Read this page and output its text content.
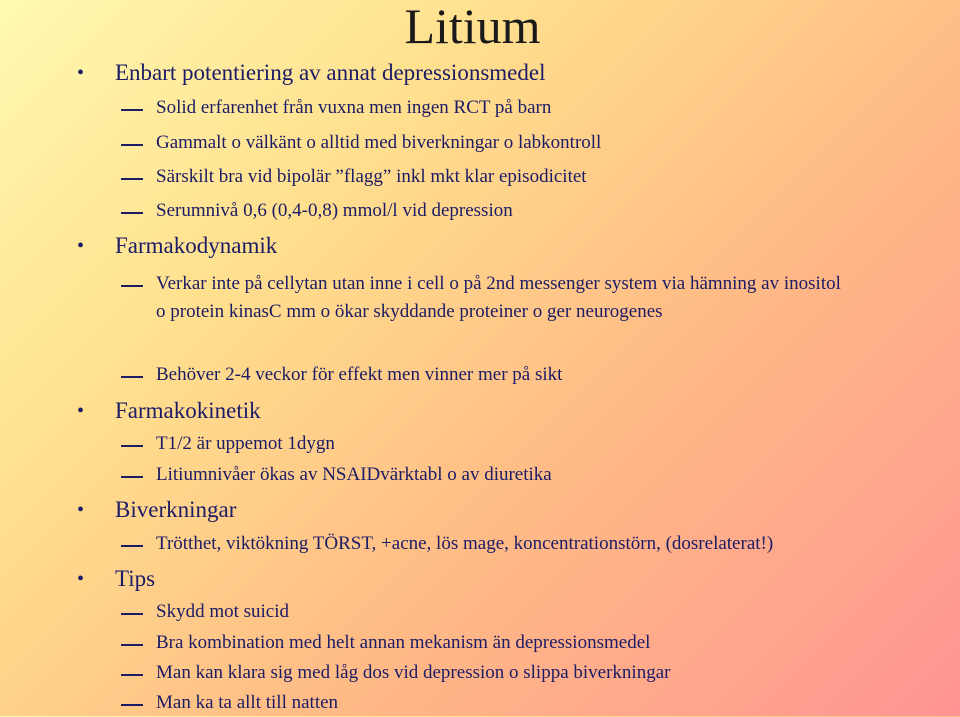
Litium
• Enbart potentiering av annat depressionsmedel
Solid erfarenhet från vuxna men ingen RCT på barn
Gammalt o välkänt o alltid med biverkningar o labkontroll
Särskilt bra vid bipolär ”flagg” inkl mkt klar episodicitet
Serumnivå 0,6 (0,4-0,8) mmol/l vid depression
• Farmakodynamik
Verkar inte på cellytan utan inne i cell o på 2nd messenger system via hämning av inositol o protein kinasC mm o ökar skyddande proteiner o ger neurogenes
Behöver 2-4 veckor för effekt men vinner mer på sikt
• Farmakokinetik
T1/2 är uppemot 1dygn
Litiumnivåer ökas av NSAIDvärktabl o av diuretika
• Biverkningar
Trötthet, viktökning TÖRST, +acne, lös mage, koncentrationstörn, (dosrelaterat!)
• Tips
Skydd mot suicid
Bra kombination med helt annan mekanism än depressionsmedel
Man kan klara sig med låg dos vid depression o slippa biverkningar
Man ka ta allt till natten
